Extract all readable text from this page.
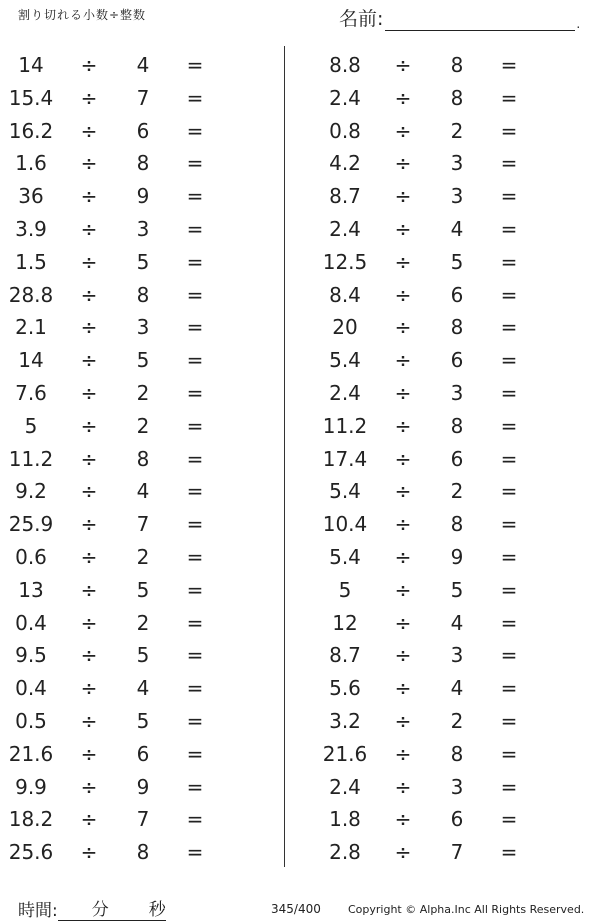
割り切れる小数÷整数	名前:	.
14	÷	4	=
15.4	÷	7	=
16.2	÷	6	=
1.6	÷	8	=
36	÷	9	=
3.9	÷	3	=
1.5	÷	5	=
28.8	÷	8	=
2.1	÷	3	=
14	÷	5	=
7.6	÷	2	=
5	÷	2	=
11.2	÷	8	=
9.2	÷	4	=
25.9	÷	7	=
0.6	÷	2	=
13	÷	5	=
0.4	÷	2	=
9.5	÷	5	=
0.4	÷	4	=
0.5	÷	5	=
21.6	÷	6	=
9.9	÷	9	=
18.2	÷	7	=
25.6	÷	8	=
8.8	÷	8	=
2.4	÷	8	=
0.8	÷	2	=
4.2	÷	3	=
8.7	÷	3	=
2.4	÷	4	=
12.5	÷	5	=
8.4	÷	6	=
20	÷	8	=
5.4	÷	6	=
2.4	÷	3	=
11.2	÷	8	=
17.4	÷	6	=
5.4	÷	2	=
10.4	÷	8	=
5.4	÷	9	=
5	÷	5	=
12	÷	4	=
8.7	÷	3	=
5.6	÷	4	=
3.2	÷	2	=
21.6	÷	8	=
2.4	÷	3	=
1.8	÷	6	=
2.8	÷	7	=
時間: 分 秒	345/400 Copyright © Alpha.Inc All Rights Reserved.
